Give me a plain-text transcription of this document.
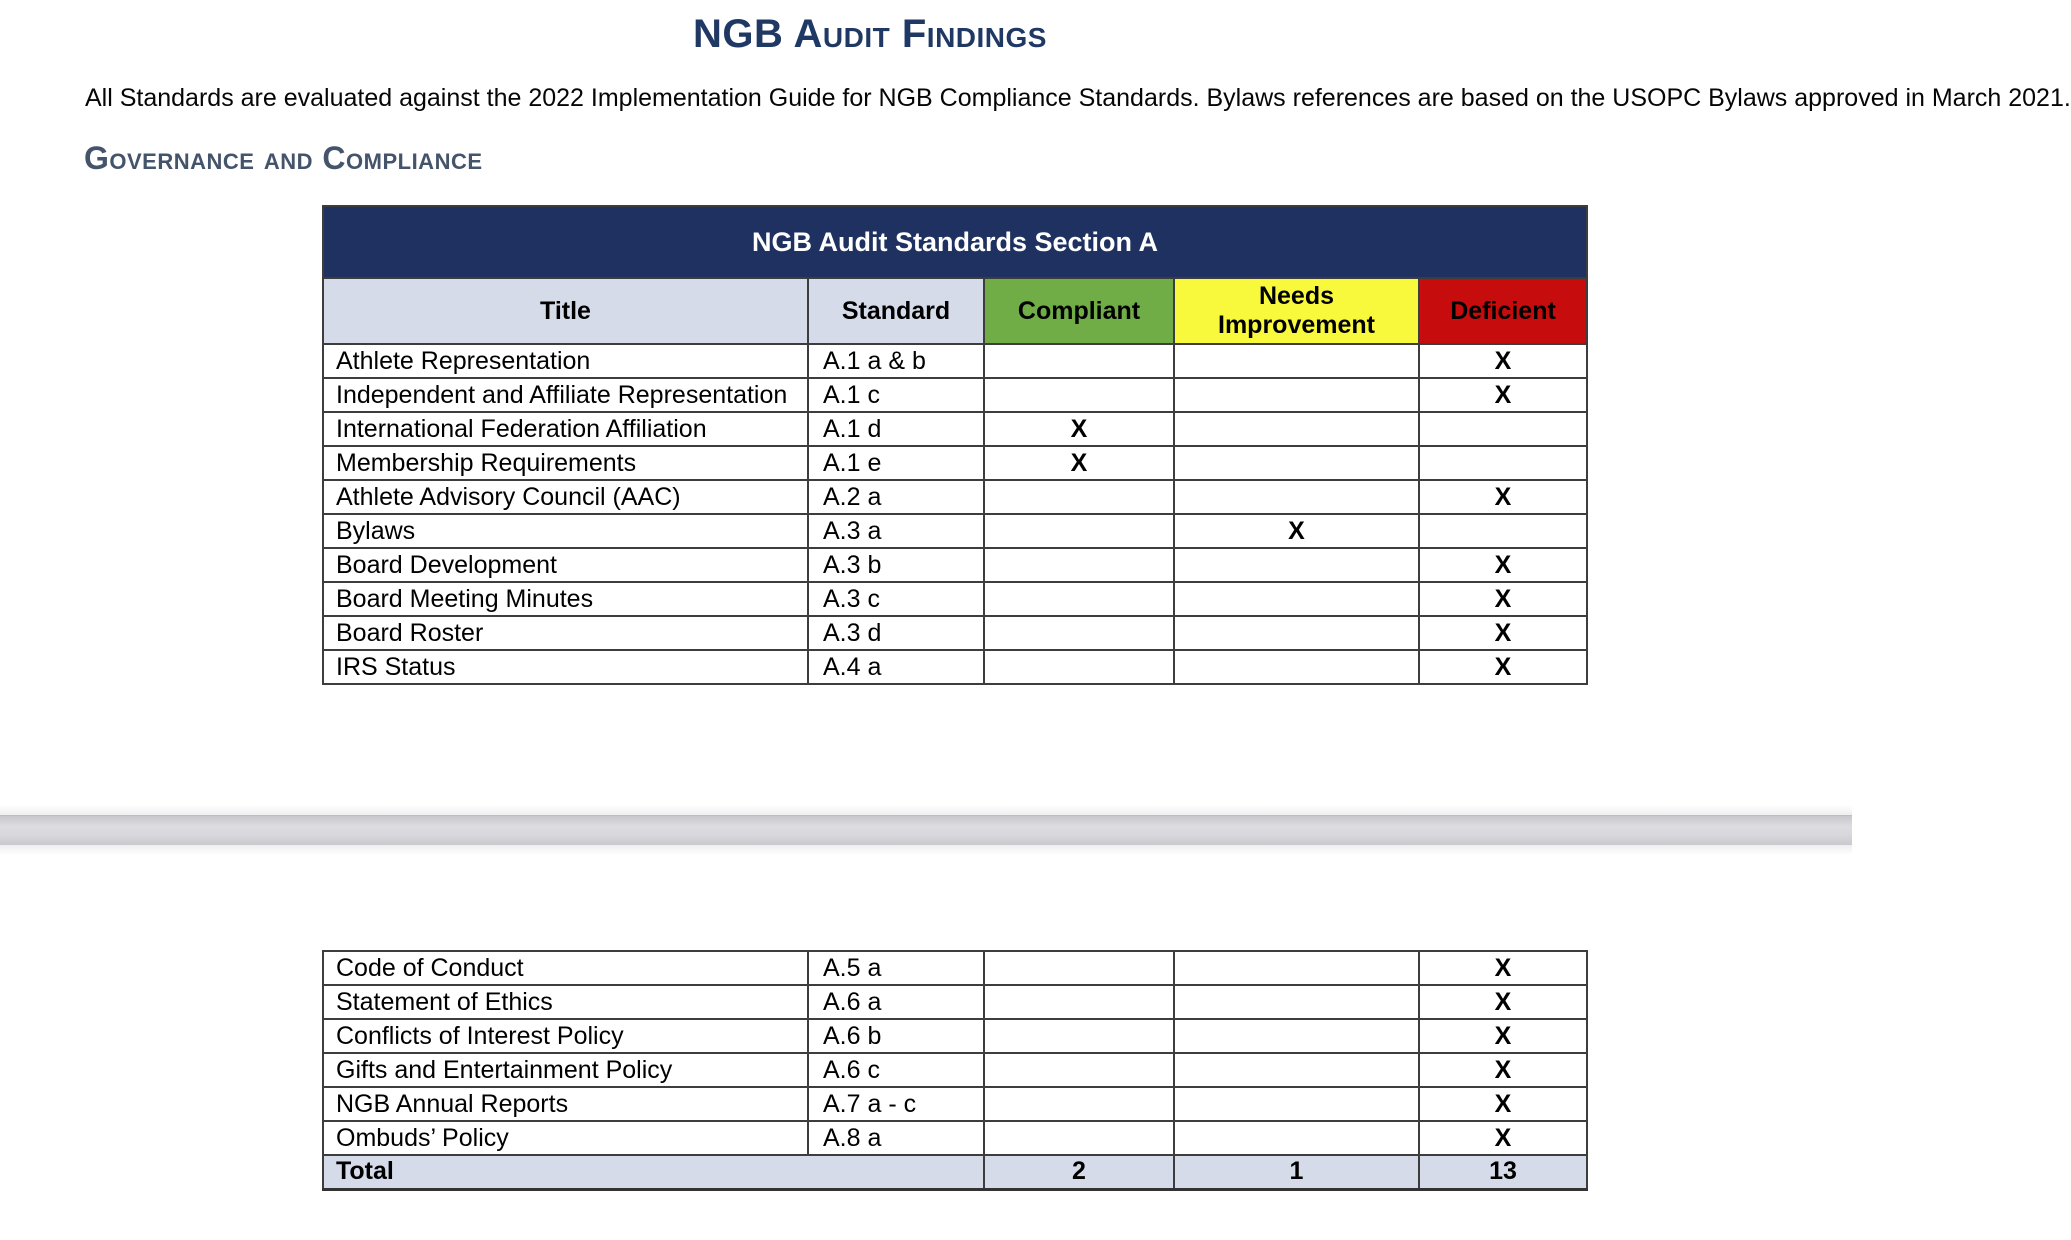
NGB Audit Findings
All Standards are evaluated against the 2022 Implementation Guide for NGB Compliance Standards. Bylaws references are based on the USOPC Bylaws approved in March 2021.
Governance and Compliance
NGB Audit Standards Section A				
Title	Standard	Compliant	Needs Improvement	Deficient
Athlete Representation	A.1 a & b			X
Independent and Affiliate Representation	A.1 c			X
International Federation Affiliation	A.1 d	X		
Membership Requirements	A.1 e	X		
Athlete Advisory Council (AAC)	A.2 a			X
Bylaws	A.3 a		X	
Board Development	A.3 b			X
Board Meeting Minutes	A.3 c			X
Board Roster	A.3 d			X
IRS Status	A.4 a			X
Code of Conduct	A.5 a			X
Statement of Ethics	A.6 a			X
Conflicts of Interest Policy	A.6 b			X
Gifts and Entertainment Policy	A.6 c			X
NGB Annual Reports	A.7 a - c			X
Ombuds’ Policy	A.8 a			X
Total		2	1	13
